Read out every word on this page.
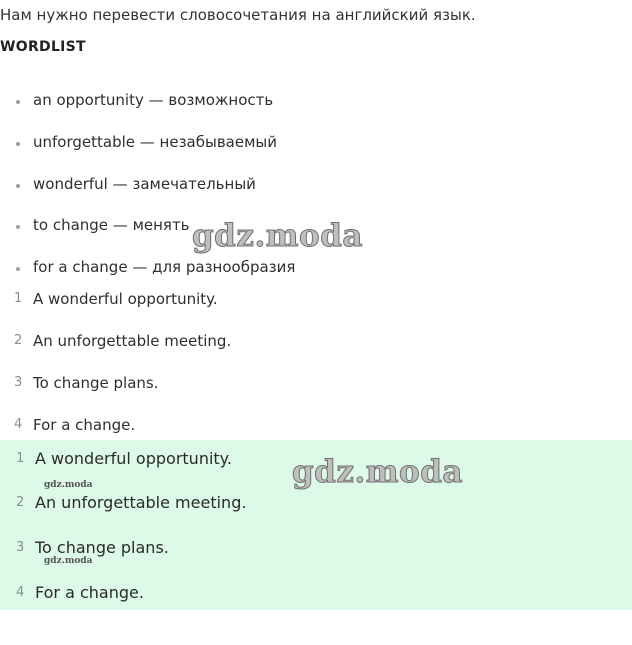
Нам нужно перевести словосочетания на английский язык.
WORDLIST
an opportunity — возможность
unforgettable — незабываемый
wonderful — замечательный
to change — менять
for a change — для разнообразия
1 A wonderful opportunity.
2 An unforgettable meeting.
3 To change plans.
4 For a change.
1 A wonderful opportunity.
2 An unforgettable meeting.
3 To change plans.
4 For a change.
gdz.moda
gdz.moda
gdz.moda
gdz.moda
